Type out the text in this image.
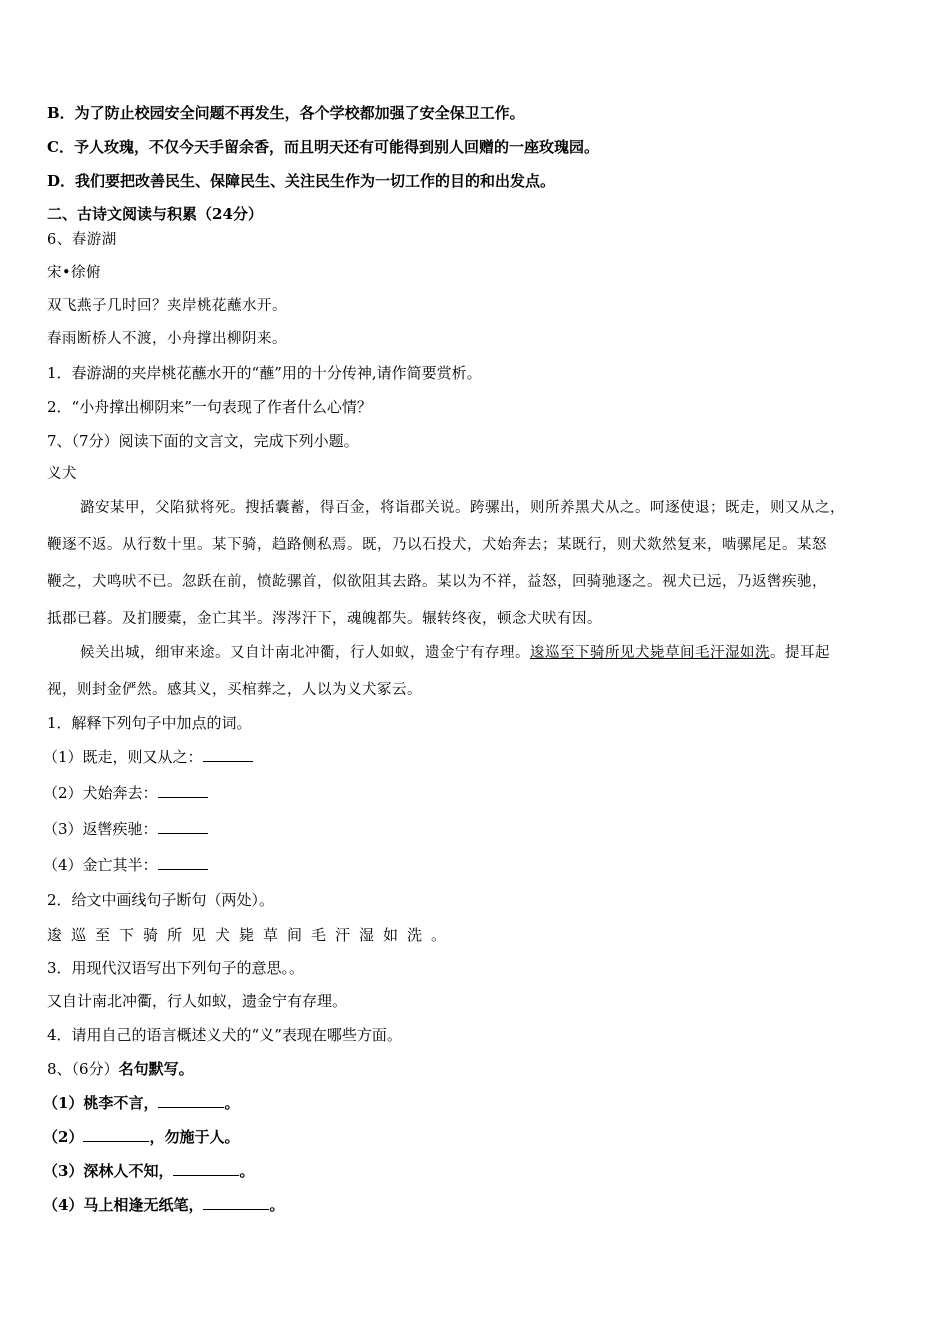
B．为了防止校园安全问题不再发生，各个学校都加强了安全保卫工作。
C．予人玫瑰，不仅今天手留余香，而且明天还有可能得到别人回赠的一座玫瑰园。
D．我们要把改善民生、保障民生、关注民生作为一切工作的目的和出发点。
二、古诗文阅读与积累（24分）
6、春游湖
宋•徐俯
双飞燕子几时回？夹岸桃花蘸水开。
春雨断桥人不渡，小舟撑出柳阴来。
1．春游湖的夹岸桃花蘸水开的“蘸”用的十分传神,请作简要赏析。
2．“小舟撑出柳阴来”一句表现了作者什么心情？
7、（7分）阅读下面的文言文，完成下列小题。
义犬
潞安某甲，父陷狱将死。搜括囊蓄，得百金，将诣郡关说。跨骡出，则所养黑犬从之。呵逐使退；既走，则又从之，
鞭逐不返。从行数十里。某下骑，趋路侧私焉。既，乃以石投犬，犬始奔去；某既行，则犬欻然复来，啮骡尾足。某怒
鞭之，犬鸣吠不已。忽跃在前，愤龁骡首，似欲阻其去路。某以为不祥，益怒，回骑驰逐之。视犬已远，乃返辔疾驰，
抵郡已暮。及扪腰橐，金亡其半。涔涔汗下，魂魄都失。辗转终夜，顿念犬吠有因。
候关出城，细审来途。又自计南北冲衢，行人如蚁，遗金宁有存理。逡巡至下骑所见犬毙草间毛汗湿如洗。提耳起
视，则封金俨然。感其义，买棺葬之，人以为义犬冢云。
1．解释下列句子中加点的词。
（1）既走，则又从之：
（2）犬始奔去：
（3）返辔疾驰：
（4）金亡其半：
2．给文中画线句子断句（两处）。
逡巡至下骑所见犬毙草间毛汗湿如洗。
3．用现代汉语写出下列句子的意思。。
又自计南北冲衢，行人如蚁，遗金宁有存理。
4．请用自己的语言概述义犬的“义”表现在哪些方面。
8、（6分）名句默写。
（1）桃李不言，	。
（2）	，勿施于人。
（3）深林人不知，	。
（4）马上相逢无纸笔，	。
